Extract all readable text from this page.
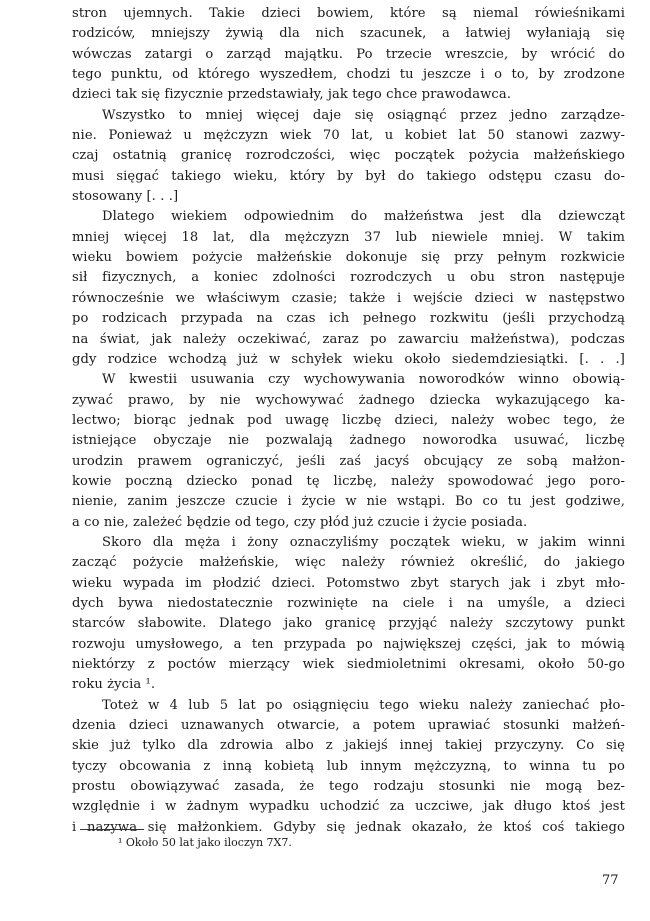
stron ujemnych. Takie dzieci bowiem, które są niemal rówieśnikami
rodziców, mniejszy żywią dla nich szacunek, a łatwiej wyłaniają się
wówczas zatargi o zarząd majątku. Po trzecie wreszcie, by wrócić do
tego punktu, od którego wyszedłem, chodzi tu jeszcze i o to, by zrodzone
dzieci tak się fizycznie przedstawiały, jak tego chce prawodawca.
Wszystko to mniej więcej daje się osiągnąć przez jedno zarządze-
nie. Ponieważ u mężczyzn wiek 70 lat, u kobiet lat 50 stanowi zazwy-
czaj ostatnią granicę rozrodczości, więc początek pożycia małżeńskiego
musi sięgać takiego wieku, który by był do takiego odstępu czasu do-
stosowany [. . .]
Dlatego wiekiem odpowiednim do małżeństwa jest dla dziewcząt
mniej więcej 18 lat, dla mężczyzn 37 lub niewiele mniej. W takim
wieku bowiem pożycie małżeńskie dokonuje się przy pełnym rozkwicie
sił fizycznych, a koniec zdolności rozrodczych u obu stron następuje
równocześnie we właściwym czasie; także i wejście dzieci w następstwo
po rodzicach przypada na czas ich pełnego rozkwitu (jeśli przychodzą
na świat, jak należy oczekiwać, zaraz po zawarciu małżeństwa), podczas
gdy rodzice wchodzą już w schyłek wieku około siedemdziesiątki. [. . .]
W kwestii usuwania czy wychowywania noworodków winno obowią-
zywać prawo, by nie wychowywać żadnego dziecka wykazującego ka-
lectwo; biorąc jednak pod uwagę liczbę dzieci, należy wobec tego, że
istniejące obyczaje nie pozwalają żadnego noworodka usuwać, liczbę
urodzin prawem ograniczyć, jeśli zaś jacyś obcujący ze sobą małżon-
kowie poczną dziecko ponad tę liczbę, należy spowodować jego poro-
nienie, zanim jeszcze czucie i życie w nie wstąpi. Bo co tu jest godziwe,
a co nie, zależeć będzie od tego, czy płód już czucie i życie posiada.
Skoro dla męża i żony oznaczyliśmy początek wieku, w jakim winni
zacząć pożycie małżeńskie, więc należy również określić, do jakiego
wieku wypada im płodzić dzieci. Potomstwo zbyt starych jak i zbyt mło-
dych bywa niedostatecznie rozwinięte na ciele i na umyśle, a dzieci
starców słabowite. Dlatego jako granicę przyjąć należy szczytowy punkt
rozwoju umysłowego, a ten przypada po największej części, jak to mówią
niektórzy z poctów mierzący wiek siedmioletnimi okresami, około 50-go
roku życia ¹.
Toteż w 4 lub 5 lat po osiągnięciu tego wieku należy zaniechać pło-
dzenia dzieci uznawanych otwarcie, a potem uprawiać stosunki małżeń-
skie już tylko dla zdrowia albo z jakiejś innej takiej przyczyny. Co się
tyczy obcowania z inną kobietą lub innym mężczyzną, to winna tu po
prostu obowiązywać zasada, że tego rodzaju stosunki nie mogą bez-
względnie i w żadnym wypadku uchodzić za uczciwe, jak długo ktoś jest
i nazywa się małżonkiem. Gdyby się jednak okazało, że ktoś coś takiego
¹ Około 50 lat jako iloczyn 7X7.
77
